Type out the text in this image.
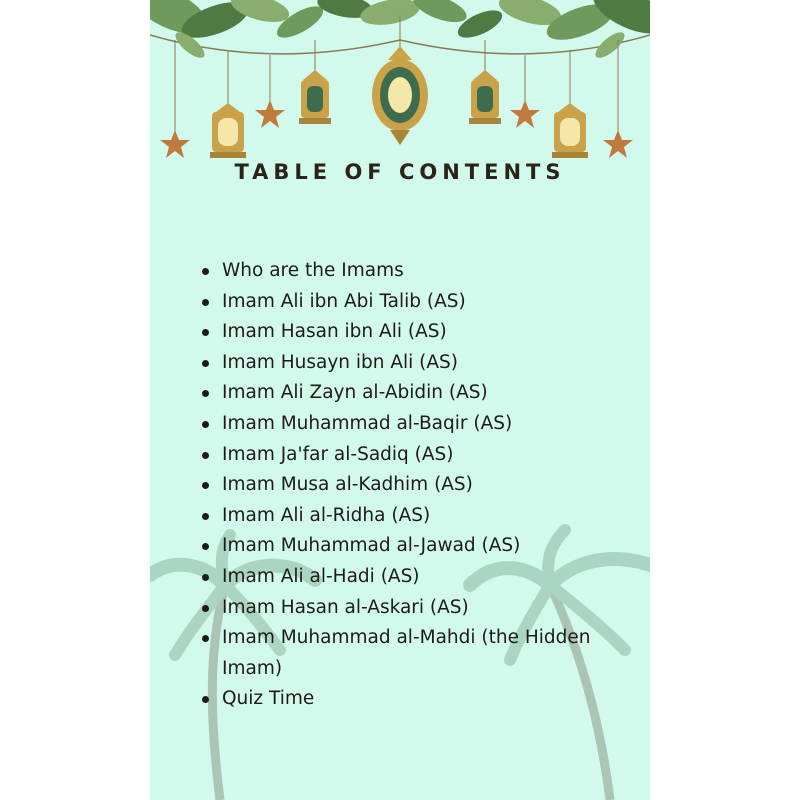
TABLE OF CONTENTS
Who are the Imams
Imam Ali ibn Abi Talib (AS)
Imam Hasan ibn Ali (AS)
Imam Husayn ibn Ali (AS)
Imam Ali Zayn al-Abidin (AS)
Imam Muhammad al-Baqir (AS)
Imam Ja'far al-Sadiq (AS)
Imam Musa al-Kadhim (AS)
Imam Ali al-Ridha (AS)
Imam Muhammad al-Jawad (AS)
Imam Ali al-Hadi (AS)
Imam Hasan al-Askari (AS)
Imam Muhammad al-Mahdi (the Hidden Imam)
Quiz Time
